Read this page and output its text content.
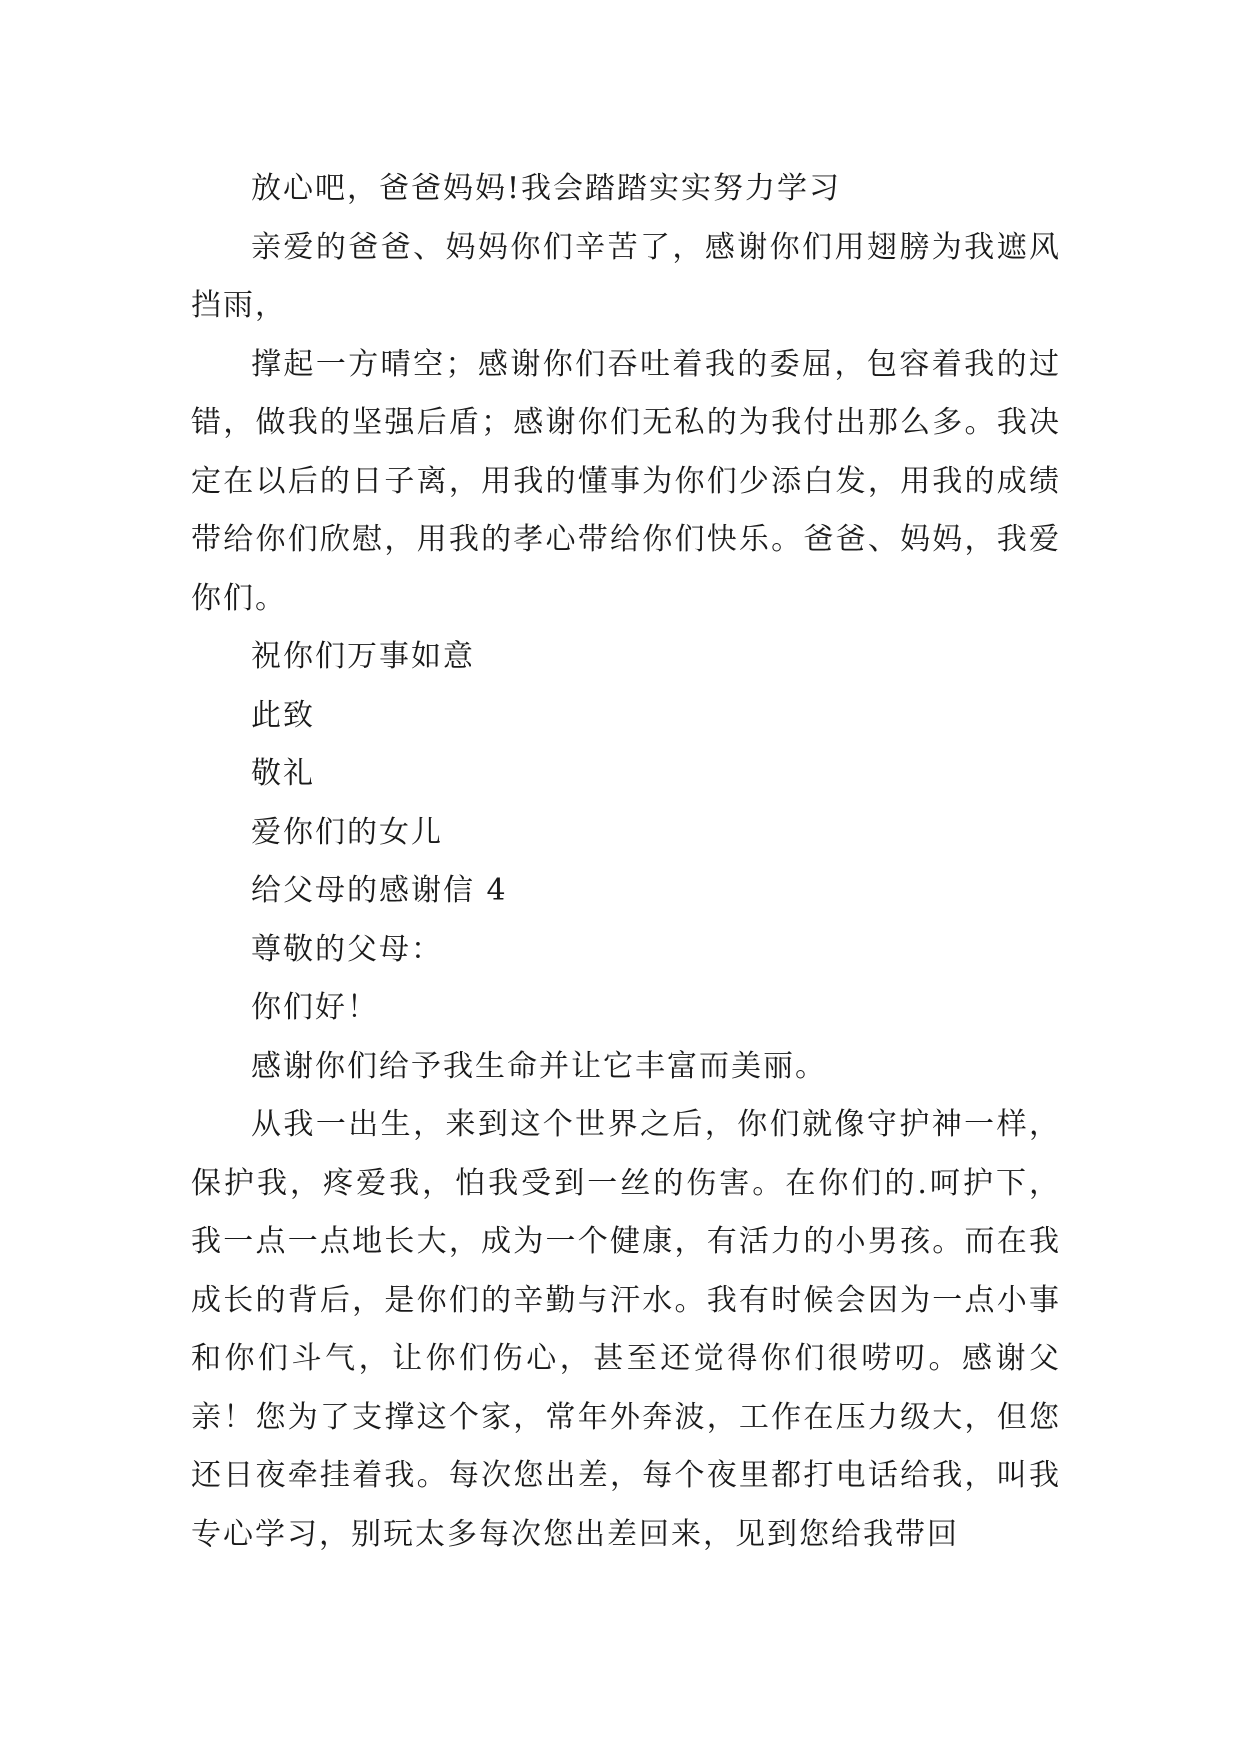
放心吧，爸爸妈妈!我会踏踏实实努力学习

亲爱的爸爸、妈妈你们辛苦了，感谢你们用翅膀为我遮风挡雨，

撑起一方晴空；感谢你们吞吐着我的委屈，包容着我的过错，做我的坚强后盾；感谢你们无私的为我付出那么多。我决定在以后的日子离，用我的懂事为你们少添白发，用我的成绩带给你们欣慰，用我的孝心带给你们快乐。爸爸、妈妈，我爱你们。

祝你们万事如意

此致

敬礼

爱你们的女儿

给父母的感谢信 4

尊敬的父母：

你们好！

感谢你们给予我生命并让它丰富而美丽。

从我一出生，来到这个世界之后，你们就像守护神一样，保护我，疼爱我，怕我受到一丝的伤害。在你们的.呵护下，我一点一点地长大，成为一个健康，有活力的小男孩。而在我成长的背后，是你们的辛勤与汗水。我有时候会因为一点小事和你们斗气，让你们伤心，甚至还觉得你们很唠叨。感谢父亲！您为了支撑这个家，常年外奔波，工作在压力级大，但您还日夜牵挂着我。每次您出差，每个夜里都打电话给我，叫我专心学习，别玩太多每次您出差回来，见到您给我带回
